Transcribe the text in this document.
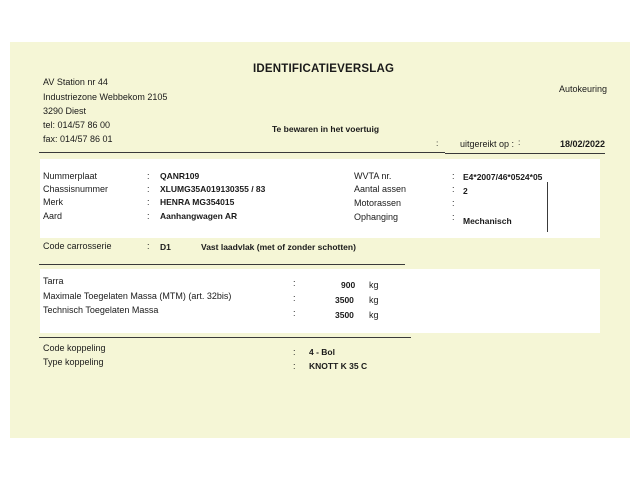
IDENTIFICATIEVERSLAG
Autokeuring
AV Station nr 44
Industriezone Webbekom 2105
3290 Diest
tel: 014/57 86 00
fax: 014/57 86 01
Te bewaren in het voertuig
: uitgereikt op :	18/02/2022
:
Nummerplaat	: QANR109
Chassisnummer	: XLUMG35A019130355 / 83
Merk	: HENRA MG354015
Aard	: Aanhangwagen AR
WVTA nr.	: E4*2007/46*0524*05
Aantal assen	: 2
Motorassen	:
Ophanging	: Mechanisch
Code carrosserie	: D1	Vast laadvlak (met of zonder schotten)
Tarra	:	900 kg
Maximale Toegelaten Massa (MTM) (art. 32bis)	:	3500 kg
Technisch Toegelaten Massa	:	3500 kg
Code koppeling	: 4 - Bol
Type koppeling	: KNOTT K 35 C
